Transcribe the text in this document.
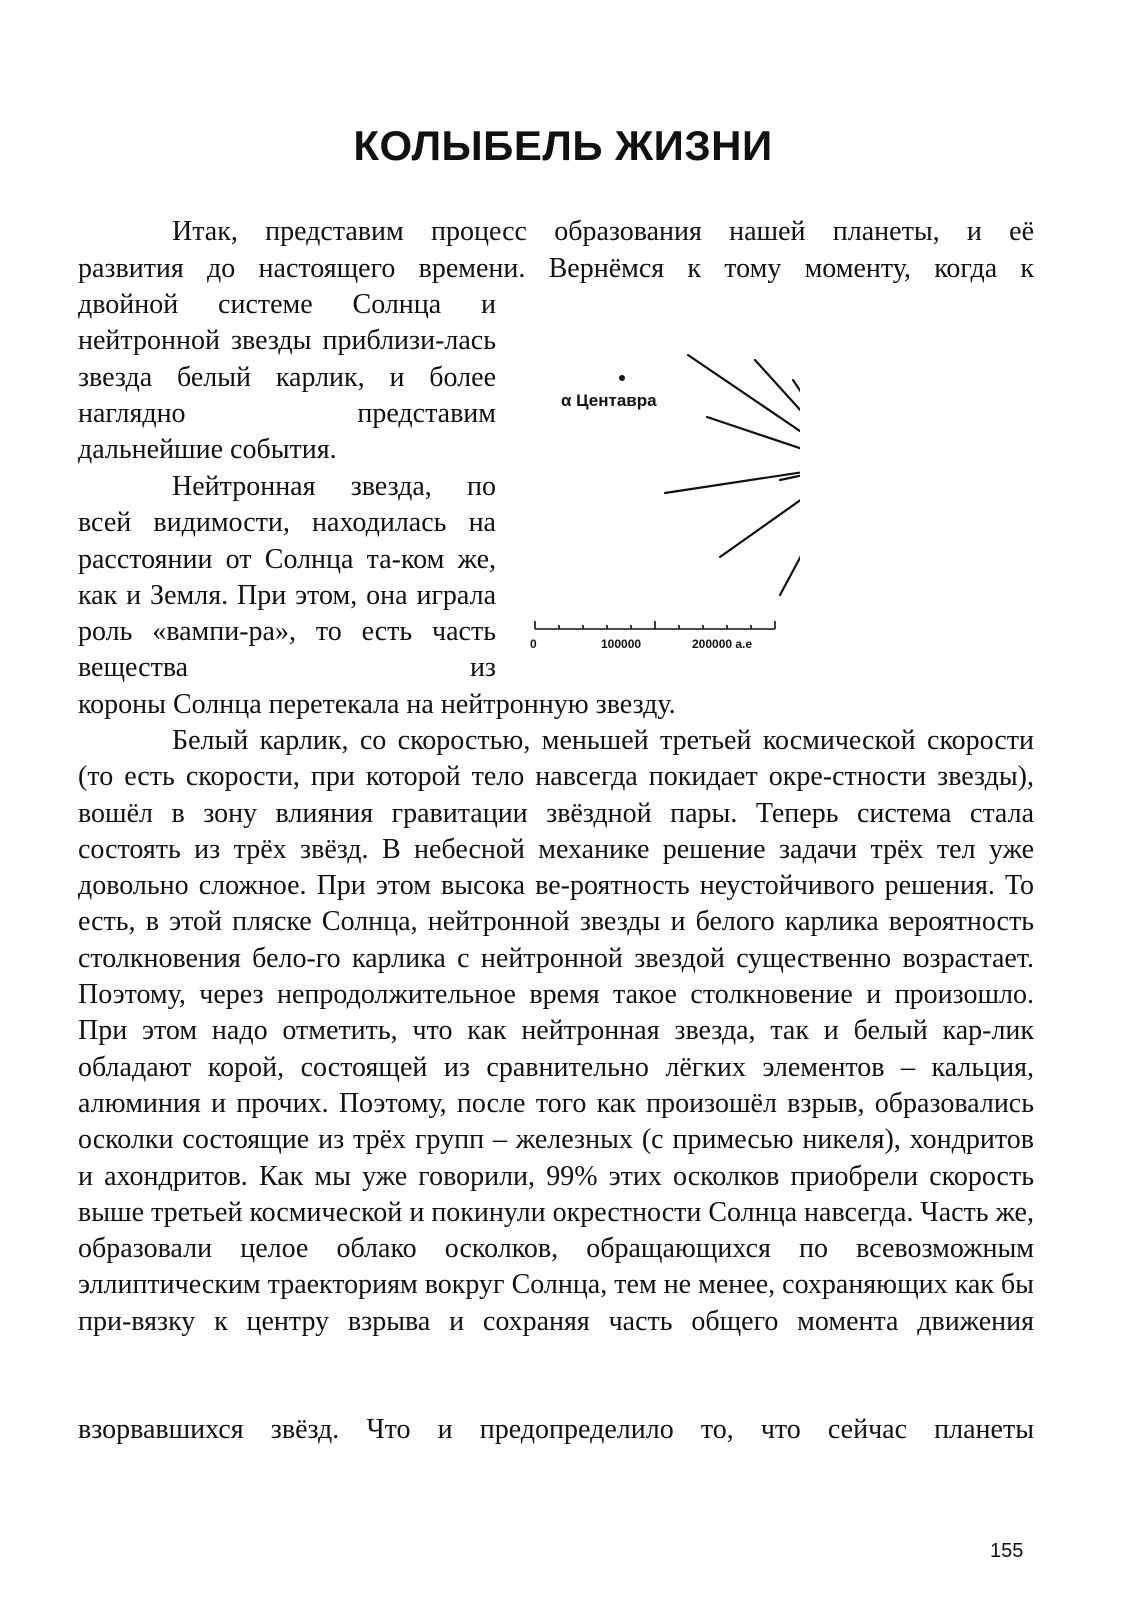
КОЛЫБЕЛЬ ЖИЗНИ

Итак, представим процесс образования нашей планеты, и её

развития до настоящего времени. Вернёмся к тому моменту, когда к

двойной системе Солнца и нейтронной звезды приблизи-лась звезда белый карлик, и более наглядно представим

дальнейшие события.

Нейтронная звезда, по всей видимости, находилась на расстоянии от Солнца та-ком же, как и Земля. При этом, она играла роль «вампи-ра», то есть часть вещества из

короны Солнца перетекала на нейтронную звезду.

Белый карлик, со скоростью, меньшей третьей космической скорости (то есть скорости, при которой тело навсегда покидает окре-стности звезды), вошёл в зону влияния гравитации звёздной пары. Теперь система стала состоять из трёх звёзд. В небесной механике решение задачи трёх тел уже довольно сложное. При этом высока ве-роятность неустойчивого решения. То есть, в этой пляске Солнца, нейтронной звезды и белого карлика вероятность столкновения бело-го карлика с нейтронной звездой существенно возрастает. Поэтому, через непродолжительное время такое столкновение и произошло. При этом надо отметить, что как нейтронная звезда, так и белый кар-лик обладают корой, состоящей из сравнительно лёгких элементов – кальция, алюминия и прочих. Поэтому, после того как произошёл взрыв, образовались осколки состоящие из трёх групп – железных (с примесью никеля), хондритов и ахондритов. Как мы уже говорили, 99% этих осколков приобрели скорость выше третьей космической и покинули окрестности Солнца навсегда. Часть же, образовали целое облако осколков, обращающихся по всевозможным эллиптическим траекториям вокруг Солнца, тем не менее, сохраняющих как бы при-вязку к центру взрыва и сохраняя часть общего момента движения

взорвавшихся звёзд. Что и предопределило то, что сейчас планеты

α Центавра
0	100000	200000 а.е

155
